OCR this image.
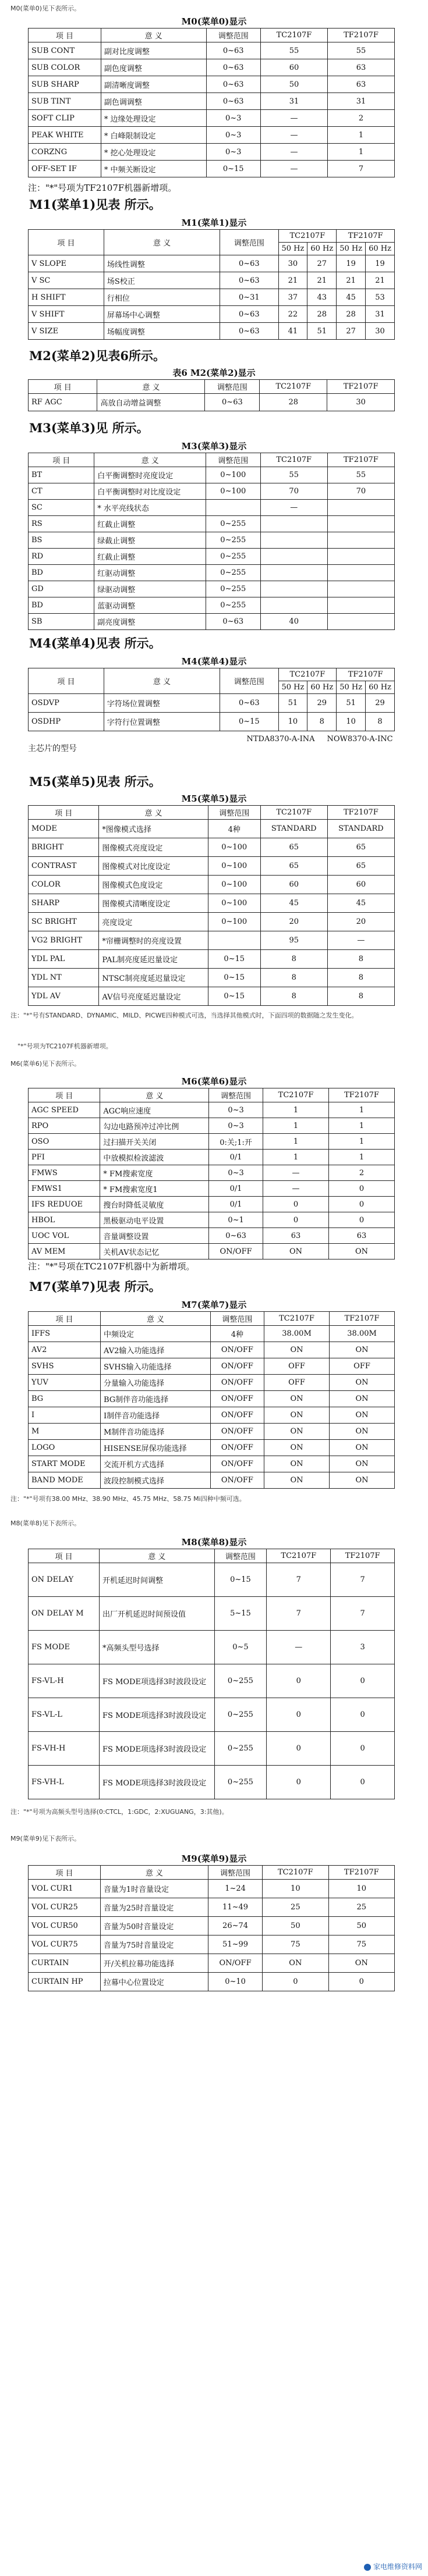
M0(菜单0)见下表所示。
M0(菜单0)显示
项 目	意 义	调整范围	TC2107F	TF2107F
SUB CONT	副对比度调整	0~63	55	55
SUB COLOR	副色度调整	0~63	60	63
SUB SHARP	副清晰度调整	0~63	50	63
SUB TINT	副色调调整	0~63	31	31
SOFT CLIP	* 边缘处理设定	0~3	—	2
PEAK WHITE	* 白峰限制设定	0~3	—	1
CORZNG	* 挖心处理设定	0~3	—	1
OFF-SET IF	* 中频关断设定	0~15	—	7
注："*"号项为TF2107F机器新增项。
M1(菜单1)见表 所示。
M1(菜单1)显示
项 目	意 义	调整范围	TC2107F		TF2107F	
			50 Hz	60 Hz	50 Hz	60 Hz
V SLOPE	场线性调整	0~63	30	27	19	19
V SC	场S校正	0~63	21	21	21	21
H SHIFT	行相位	0~31	37	43	45	53
V SHIFT	屏幕场中心调整	0~63	22	28	28	31
V SIZE	场幅度调整	0~63	41	51	27	30
M2(菜单2)见表6所示。
表6 M2(菜单2)显示
项 目	意 义	调整范围	TC2107F	TF2107F
RF AGC	高放自动增益调整	0~63	28	30
M3(菜单3)见 所示。
M3(菜单3)显示
项 目	意 义	调整范围	TC2107F	TF2107F
BT	白平衡调整时亮度设定	0~100	55	55
CT	白平衡调整时对比度设定	0~100	70	70
SC	* 水平亮线状态		—	
RS	红截止调整	0~255		
BS	绿截止调整	0~255		
RD	红截止调整	0~255		
BD	红驱动调整	0~255		
GD	绿驱动调整	0~255		
BD	蓝驱动调整	0~255		
SB	副亮度调整	0~63	40	
M4(菜单4)见表 所示。
M4(菜单4)显示
项 目	意 义	调整范围	TC2107F		TF2107F	
			50 Hz	60 Hz	50 Hz	60 Hz
OSDVP	字符场位置调整	0~63	51	29	51	29
OSDHP	字符行位置调整	0~15	10	8	10	8
主芯片的型号
NTDA8370-A-INA NOW8370-A-INC
M5(菜单5)见表 所示。
M5(菜单5)显示
项 目	意 义	调整范围	TC2107F	TF2107F
MODE	*图像模式选择	4种	STANDARD	STANDARD
BRIGHT	图像模式亮度设定	0~100	65	65
CONTRAST	图像模式对比度设定	0~100	65	65
COLOR	图像模式色度设定	0~100	60	60
SHARP	图像模式清晰度设定	0~100	45	45
SC BRIGHT	亮度设定	0~100	20	20
VG2 BRIGHT	*帘栅调整时的亮度设置		95	—
YDL PAL	PAL制亮度延迟量设定	0~15	8	8
YDL NT	NTSC制亮度延迟量设定	0~15	8	8
YDL AV	AV信号亮度延迟量设定	0~15	8	8
注："*"号有STANDARD、DYNAMIC、MILD、PICWE四种模式可选，当选择其他模式时，下面四项的数据随之发生变化。
"*"号项为TC2107F机器新增项。
M6(菜单6)见下表所示。
M6(菜单6)显示
项 目	意 义	调整范围	TC2107F	TF2107F
AGC SPEED	AGC响应速度	0~3	1	1
RPO	勾边电路预冲过冲比例	0~3	1	1
OSO	过扫描开关关闭	0:关;1:开	1	1
PFI	中放模拟检波滤波	0/1	1	1
FMWS	* FM搜索宽度	0~3	—	2
FMWS1	* FM搜索宽度1	0/1	—	0
IFS REDUOE	搜台时降低灵敏度	0/1	0	0
HBOL	黑极驱动电平设置	0~1	0	0
UOC VOL	音量调整设置	0~63	63	63
AV MEM	关机AV状态记忆	ON/OFF	ON	ON
注："*"号项在TC2107F机器中为新增项。
M7(菜单7)见表 所示。
M7(菜单7)显示
项 目	意 义	调整范围	TC2107F	TF2107F
IFFS	中频设定	4种	38.00M	38.00M
AV2	AV2输入功能选择	ON/OFF	ON	ON
SVHS	SVHS输入功能选择	ON/OFF	OFF	OFF
YUV	分量输入功能选择	ON/OFF	OFF	ON
BG	BG制伴音功能选择	ON/OFF	ON	ON
I	I制伴音功能选择	ON/OFF	ON	ON
M	M制伴音功能选择	ON/OFF	ON	ON
LOGO	HISENSE屏保功能选择	ON/OFF	ON	ON
START MODE	交流开机方式选择	ON/OFF	ON	ON
BAND MODE	波段控制模式选择	ON/OFF	ON	ON
注："*"号项有38.00 MHz、38.90 MHz、45.75 MHz、58.75 Mi四种中频可选。
M8(菜单8)见下表所示。
M8(菜单8)显示
项 目	意 义	调整范围	TC2107F	TF2107F
ON DELAY	开机延迟时间调整	0~15	7	7
ON DELAY M	出厂开机延迟时间预设值	5~15	7	7
FS MODE	*高频头型号选择	0~5	—	3
FS-VL-H	FS MODE项选择3时波段设定	0~255	0	0
FS-VL-L	FS MODE项选择3时波段设定	0~255	0	0
FS-VH-H	FS MODE项选择3时波段设定	0~255	0	0
FS-VH-L	FS MODE项选择3时波段设定	0~255	0	0
注："*"号项为高频头型号选择(0:CTCL，1:GDC，2:XUGUANG，3:其他)。
M9(菜单9)见下表所示。
M9(菜单9)显示
项 目	意 义	调整范围	TC2107F	TF2107F
VOL CUR1	音量为1时音量设定	1~24	10	10
VOL CUR25	音量为25时音量设定	11~49	25	25
VOL CUR50	音量为50时音量设定	26~74	50	50
VOL CUR75	音量为75时音量设定	51~99	75	75
CURTAIN	开/关机拉幕功能选择	ON/OFF	ON	ON
CURTAIN HP	拉幕中心位置设定	0~10	0	0
家电维修资料网
